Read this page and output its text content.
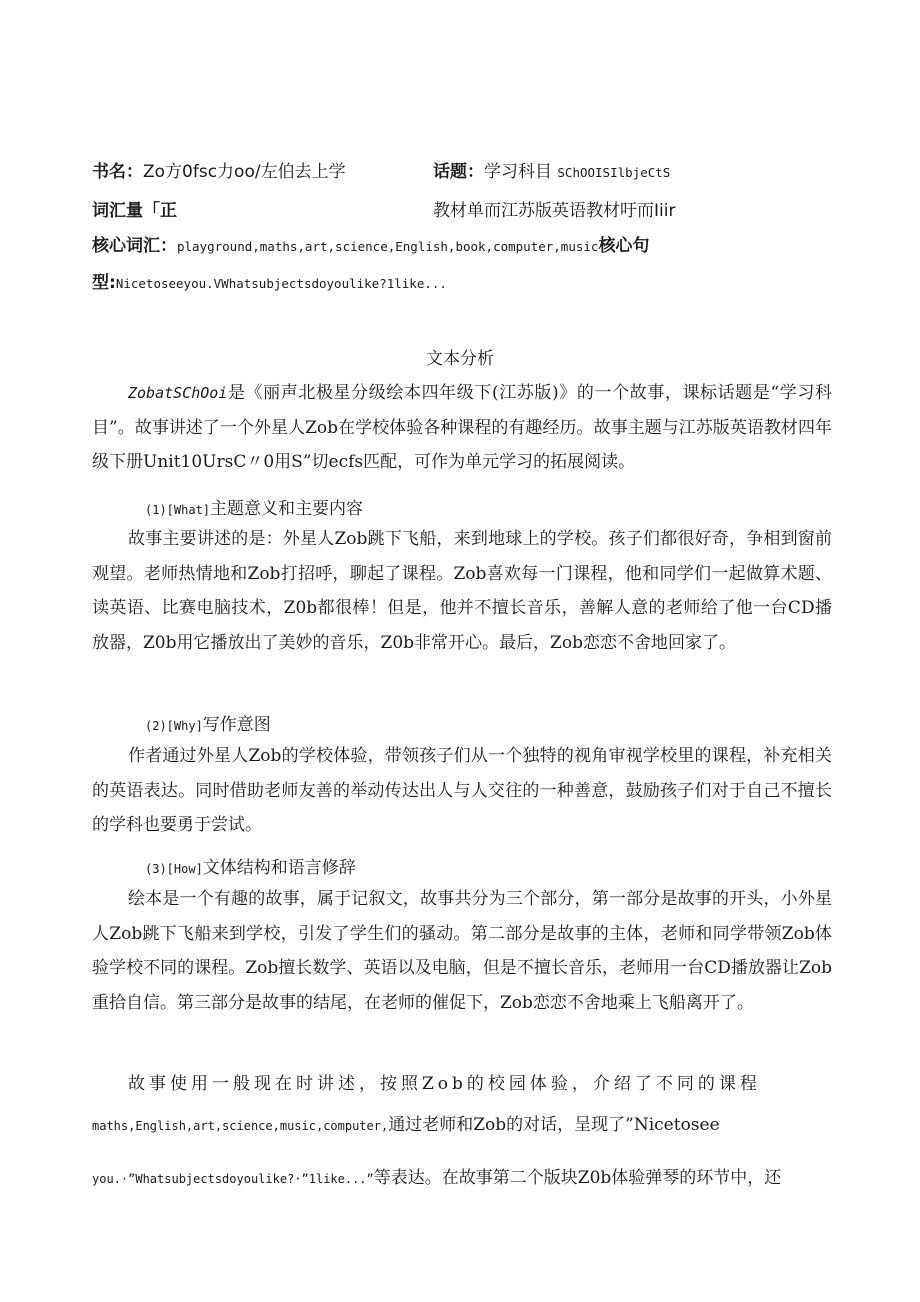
书名：Zo方0fsc力oo/左伯去上学	话题：学习科目 SChOOISIlbjeCtS
词汇量「正	教材单而江苏版英语教材吁而Iiir
核心词汇：playground,maths,art,science,English,book,computer,music核心句
型:Nicetoseeyou.VWhatsubjectsdoyoulike?1like...
文本分析

ZobatSChOoi是《丽声北极星分级绘本四年级下(江苏版)》的一个故事，课标话题是“学习科目”。故事讲述了一个外星人Zob在学校体验各种课程的有趣经历。故事主题与江苏版英语教材四年级下册Unit10UrsC〃0用S”切ecfs匹配，可作为单元学习的拓展阅读。

(1)[What]主题意义和主要内容

故事主要讲述的是：外星人Zob跳下飞船，来到地球上的学校。孩子们都很好奇，争相到窗前观望。老师热情地和Zob打招呼，聊起了课程。Zob喜欢每一门课程，他和同学们一起做算术题、读英语、比赛电脑技术，Z0b都很棒！但是，他并不擅长音乐，善解人意的老师给了他一台CD播放器，Z0b用它播放出了美妙的音乐，Z0b非常开心。最后，Zob恋恋不舍地回家了。

(2)[Why]写作意图

作者通过外星人Zob的学校体验，带领孩子们从一个独特的视角审视学校里的课程，补充相关的英语表达。同时借助老师友善的举动传达出人与人交往的一种善意，鼓励孩子们对于自己不擅长的学科也要勇于尝试。

(3)[How]文体结构和语言修辞

绘本是一个有趣的故事，属于记叙文，故事共分为三个部分，第一部分是故事的开头，小外星人Zob跳下飞船来到学校，引发了学生们的骚动。第二部分是故事的主体，老师和同学带领Zob体验学校不同的课程。Zob擅长数学、英语以及电脑，但是不擅长音乐，老师用一台CD播放器让Zob重拾自信。第三部分是故事的结尾，在老师的催促下，Zob恋恋不舍地乘上飞船离开了。

故事使用一般现在时讲述，按照Zob的校园体验，介绍了不同的课程
maths,English,art,science,music,computer,通过老师和Zob的对话，呈现了”Nicetosee
you.·”Whatsubjectsdoyoulike?·”1like...”等表达。在故事第二个版块Z0b体验弹琴的环节中，还
